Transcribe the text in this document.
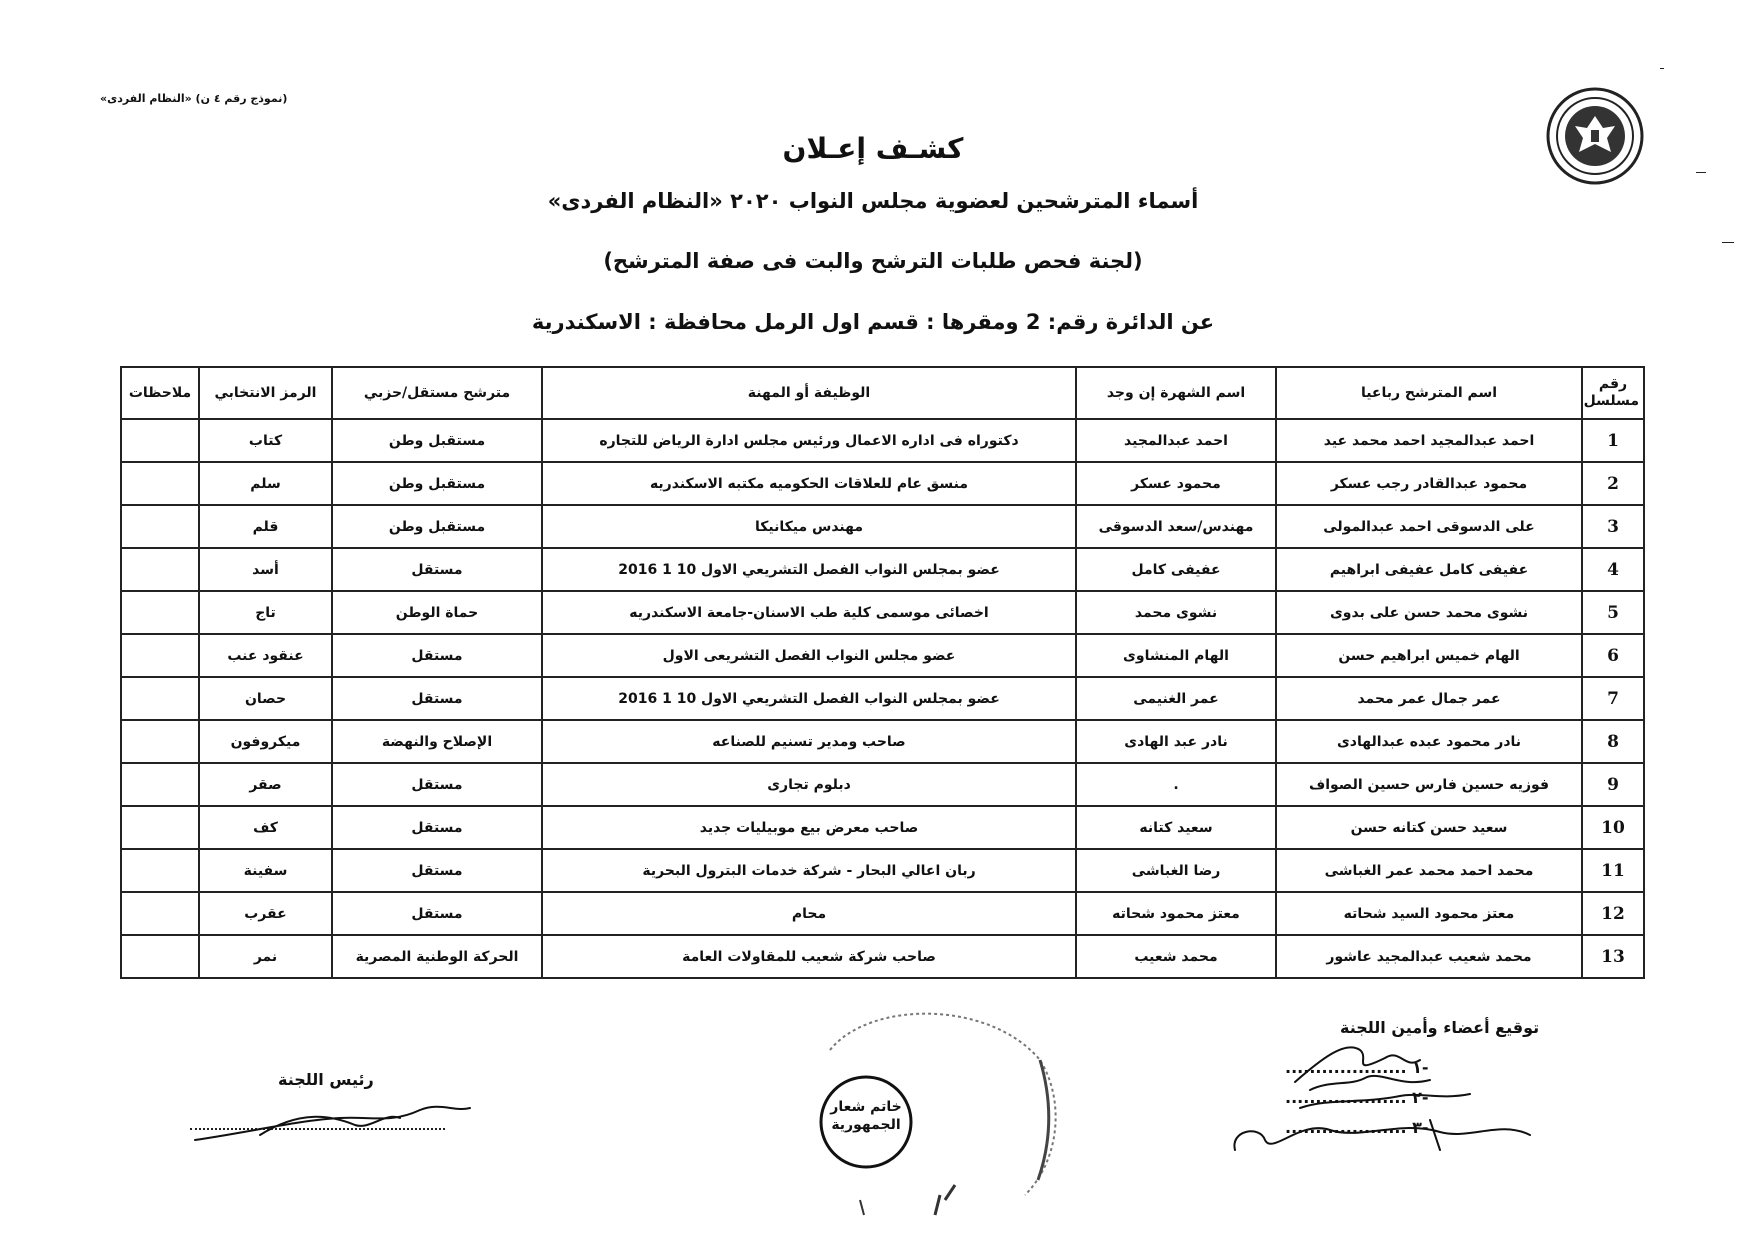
(نموذج رقم ٤ ن) «النظام الفردى»
كشـف إعـلان
أسماء المترشحين لعضوية مجلس النواب ٢٠٢٠ «النظام الفردى»
(لجنة فحص طلبات الترشح والبت فى صفة المترشح)
عن الدائرة رقم: 2 ومقرها : قسم اول الرمل محافظة : الاسكندرية
رقم مسلسل	اسم المترشح رباعيا	اسم الشهرة إن وجد	الوظيفة أو المهنة	مترشح مستقل/حزبي	الرمز الانتخابي	ملاحظات
1	احمد عبدالمجيد احمد محمد عيد	احمد عبدالمجيد	دكتوراه فى اداره الاعمال ورئيس مجلس ادارة الرياض للتجاره	مستقبل وطن	كتاب	
2	محمود عبدالقادر رجب عسكر	محمود عسكر	منسق عام للعلاقات الحكوميه مكتبه الاسكندريه	مستقبل وطن	سلم	
3	على الدسوقى احمد عبدالمولى	مهندس/سعد الدسوقى	مهندس ميكانيكا	مستقبل وطن	قلم	
4	عفيفى كامل عفيفى ابراهيم	عفيفى كامل	عضو بمجلس النواب الفصل التشريعي الاول 10 1 2016	مستقل	أسد	
5	نشوى محمد حسن على بدوى	نشوى محمد	اخصائى موسمى كلية طب الاسنان-جامعة الاسكندريه	حماة الوطن	تاج	
6	الهام خميس ابراهيم حسن	الهام المنشاوى	عضو مجلس النواب الفصل التشريعى الاول	مستقل	عنقود عنب	
7	عمر جمال عمر محمد	عمر الغنيمى	عضو بمجلس النواب الفصل التشريعي الاول 10 1 2016	مستقل	حصان	
8	نادر محمود عبده عبدالهادى	نادر عبد الهادى	صاحب ومدير تسنيم للصناعه	الإصلاح والنهضة	ميكروفون	
9	فوزيه حسين فارس حسين الصواف	.	دبلوم تجارى	مستقل	صقر	
10	سعيد حسن كتانه حسن	سعيد كتانه	صاحب معرض بيع موبيليات جديد	مستقل	كف	
11	محمد احمد محمد عمر الغباشى	رضا الغباشى	ربان اعالي البحار - شركة خدمات البترول البحرية	مستقل	سفينة	
12	معتز محمود السيد شحاته	معتز محمود شحاته	محام	مستقل	عقرب	
13	محمد شعيب عبدالمجيد عاشور	محمد شعيب	صاحب شركة شعيب للمقاولات العامة	الحركة الوطنية المصرية	نمر	
خاتم شعار
الجمهورية
توقيع أعضاء وأمين اللجنة
-١ ....................
-٢ ....................
-٣ ....................
رئيس اللجنة
